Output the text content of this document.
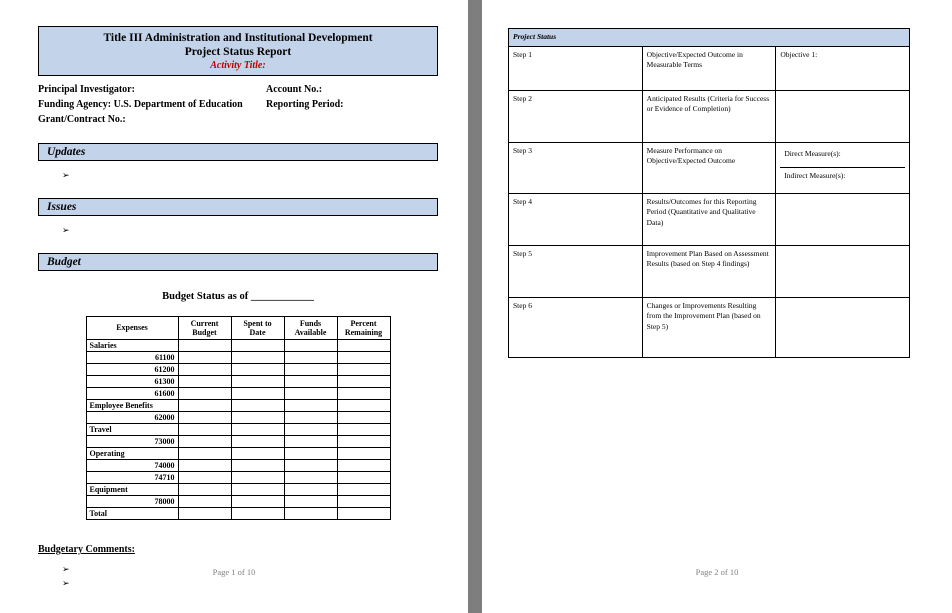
Title III Administration and Institutional Development
Project Status Report
Activity Title:
Principal Investigator:	Account No.:
Funding Agency: U.S. Department of Education	Reporting Period:
Grant/Contract No.:
Updates
➢
Issues
➢
Budget
Budget Status as of ____________
Expenses	Current Budget	Spent to Date	Funds Available	Percent Remaining
Salaries				
61100				
61200				
61300				
61600				
Employee Benefits				
62000				
Travel				
73000				
Operating				
74000				
74710				
Equipment				
78000				
Total				
Budgetary Comments:
➢
➢
Page 1 of 10
Project Status		
Step 1	Objective/Expected Outcome in Measurable Terms	Objective 1:
Step 2	Anticipated Results (Criteria for Success or Evidence of Completion)	
Step 3	Measure Performance on Objective/Expected Outcome	Direct Measure(s):
Indirect Measure(s):

Step 4	Results/Outcomes for this Reporting Period (Quantitative and Qualitative Data)	
Step 5	Improvement Plan Based on Assessment Results (based on Step 4 findings)	
Step 6	Changes or Improvements Resulting from the Improvement Plan (based on Step 5)	
Page 2 of 10
